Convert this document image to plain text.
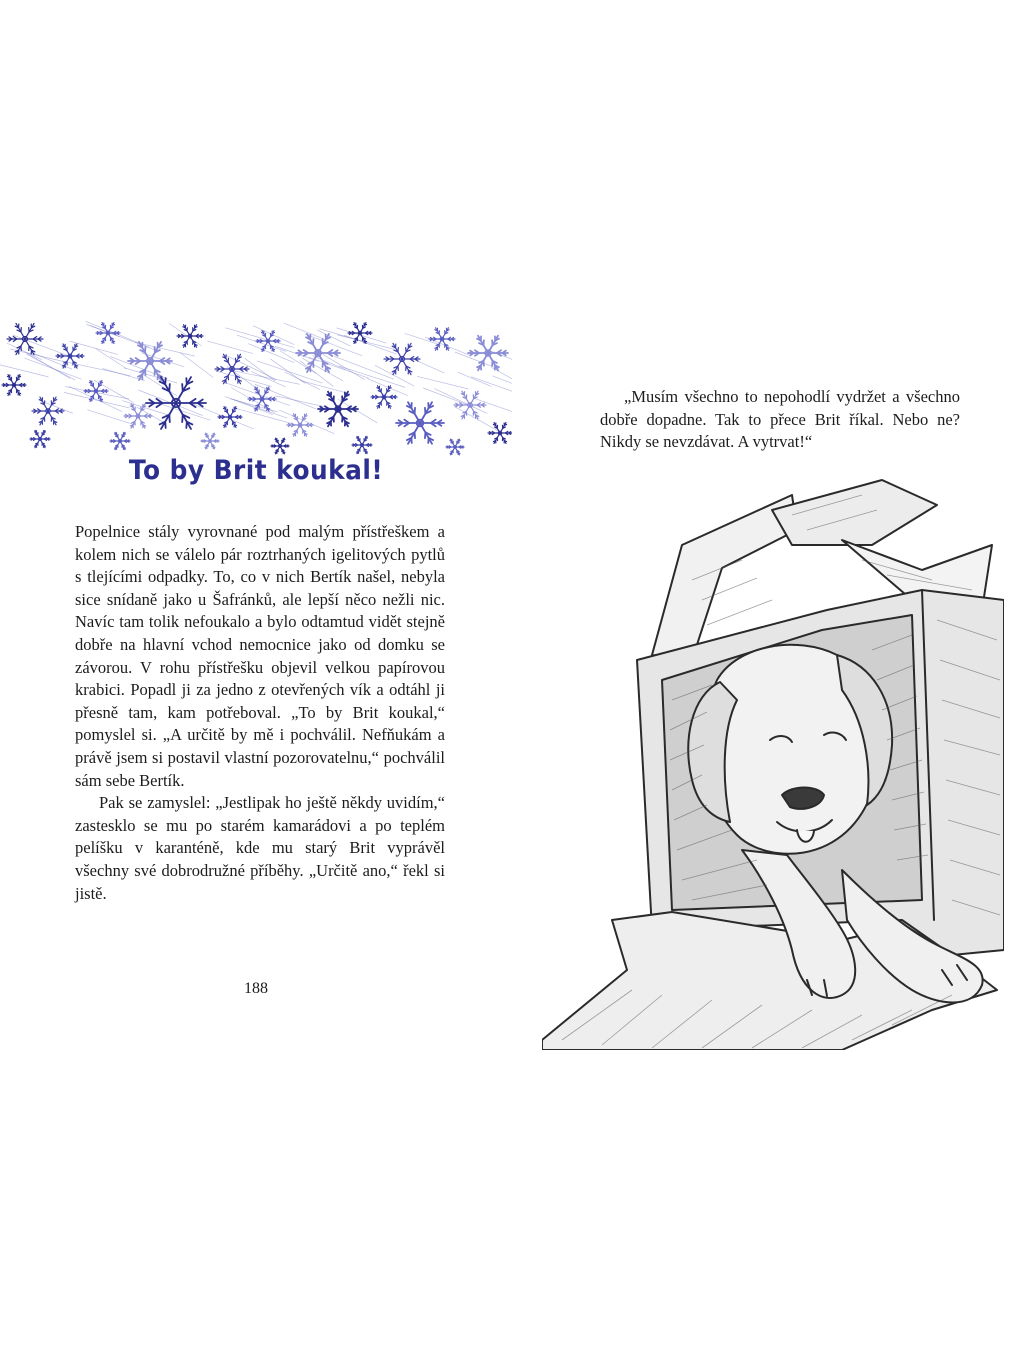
To by Brit koukal!

Popelnice stály vyrovnané pod malým přístřeškem a kolem nich se válelo pár roztrhaných igelitových pytlů s tlejícími odpadky. To, co v nich Bertík našel, nebyla sice snídaně jako u Šafránků, ale lepší něco nežli nic. Navíc tam tolik nefoukalo a bylo odtamtud vidět stejně dobře na hlavní vchod nemocnice jako od domku se závorou. V rohu přístřešku objevil velkou papírovou krabici. Popadl ji za jedno z otevřených vík a odtáhl ji přesně tam, kam potřeboval. „To by Brit koukal,“ pomyslel si. „A určitě by mě i pochválil. Nefňukám a právě jsem si postavil vlastní pozorovatelnu,“ pochválil sám sebe Bertík.

Pak se zamyslel: „Jestlipak ho ještě někdy uvidím,“ zastesklo se mu po starém kamarádovi a po teplém pelíšku v karanténě, kde mu starý Brit vyprávěl všechny své dobrodružné příběhy. „Určitě ano,“ řekl si jistě.

188

„Musím všechno to nepohodlí vydržet a všechno dobře dopadne. Tak to přece Brit říkal. Nebo ne? Nikdy se nevzdávat. A vytrvat!“
